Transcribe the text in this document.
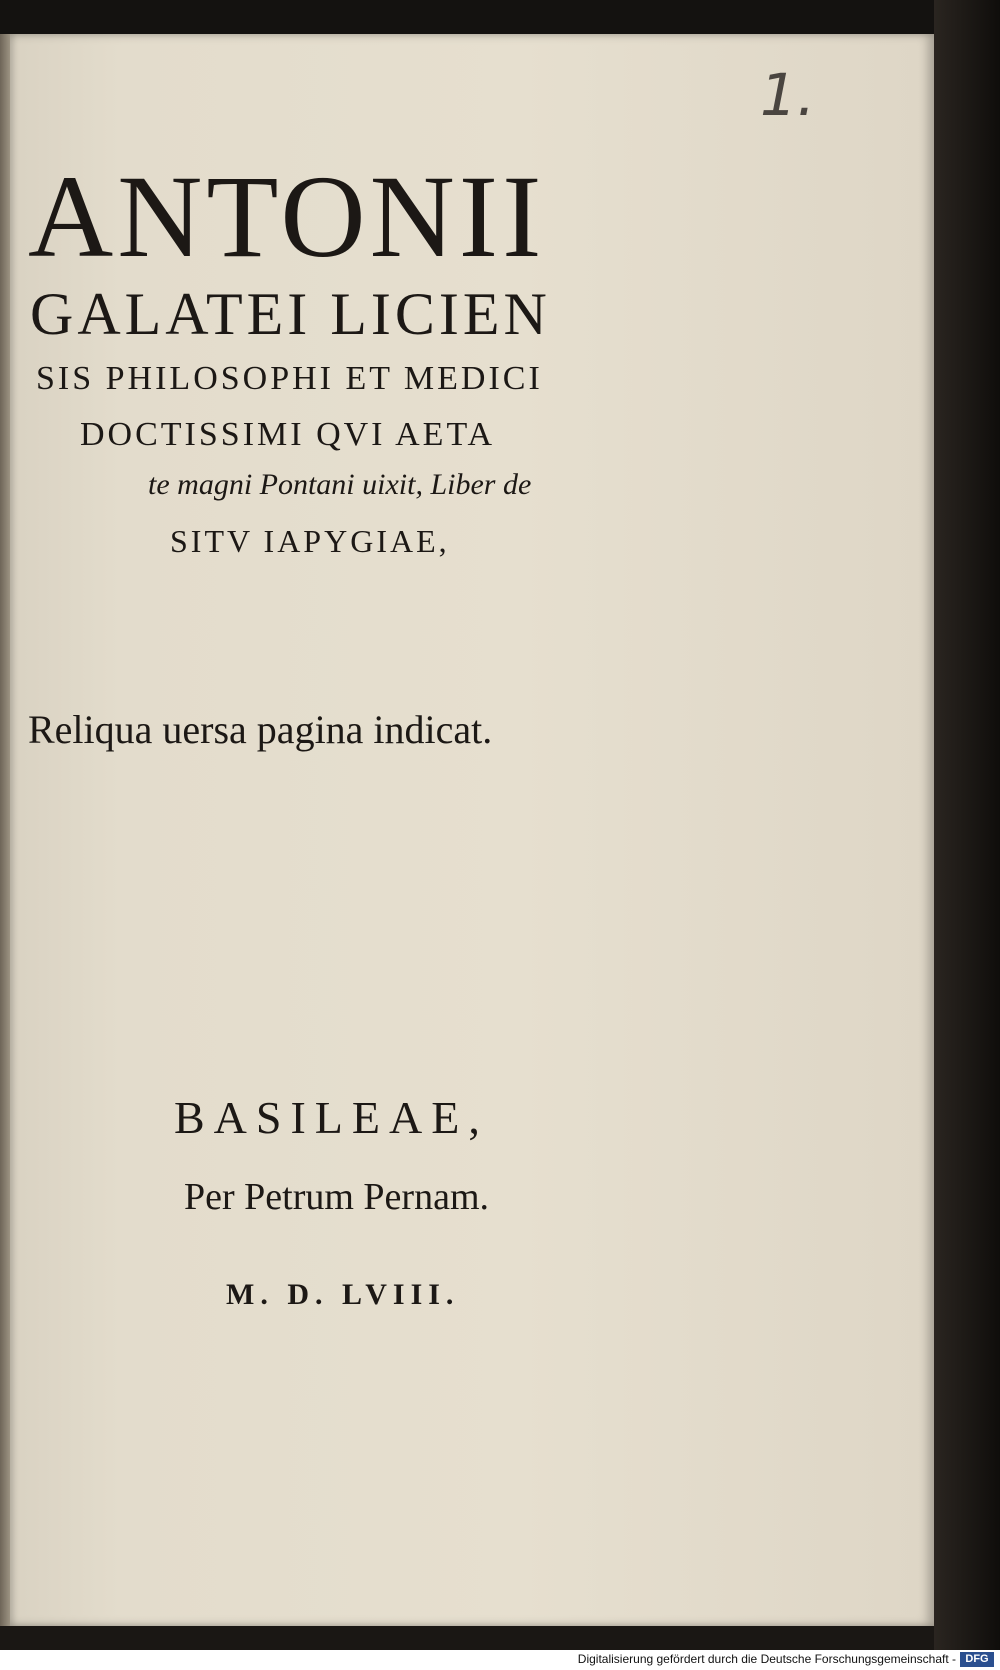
1.

ANTONII

GALATEI LICIEN

SIS PHILOSOPHI ET MEDICI

DOCTISSIMI QVI AETA

te magni Pontani uixit, Liber de

SITV IAPYGIAE,

Reliqua uersa pagina indicat.

BASILEAE,

Per Petrum Pernam.

M. D. LVIII.

Digitalisierung gefördert durch die Deutsche Forschungsgemeinschaft - DFG
